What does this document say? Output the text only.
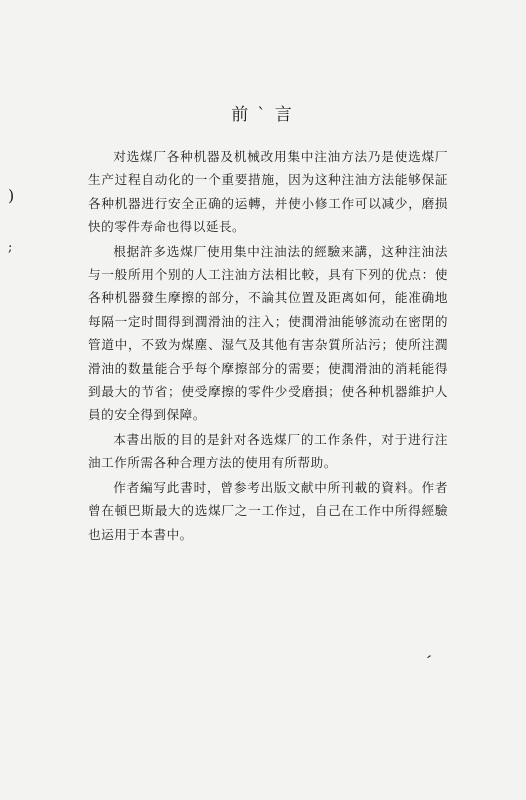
前 ` 言

对选煤厂各种机器及机械改用集中注油方法乃是使选煤厂生产过程自动化的一个重要措施，因为这种注油方法能够保証各种机器进行安全正确的运轉，并使小修工作可以减少，磨损快的零件寿命也得以延長。

根据許多选煤厂使用集中注油法的經驗来講，这种注油法与一般所用个别的人工注油方法相比較，具有下列的优点：使各种机器發生摩擦的部分，不論其位置及距离如何，能准确地每隔一定时間得到潤滑油的注入；使潤滑油能够流动在密閉的管道中，不致为煤塵、湿气及其他有害杂質所沾污；使所注潤滑油的数量能合乎每个摩擦部分的需要；使潤滑油的消耗能得到最大的节省；使受摩擦的零件少受磨損；使各种机器維护人員的安全得到保障。

本書出版的目的是針对各选煤厂的工作条件，对于进行注油工作所需各种合理方法的使用有所帮助。

作者編写此書时，曾参考出版文献中所刊載的資料。作者曾在頓巴斯最大的选煤厂之一工作过，自己在工作中所得經驗也运用于本書中。

)
;
′
